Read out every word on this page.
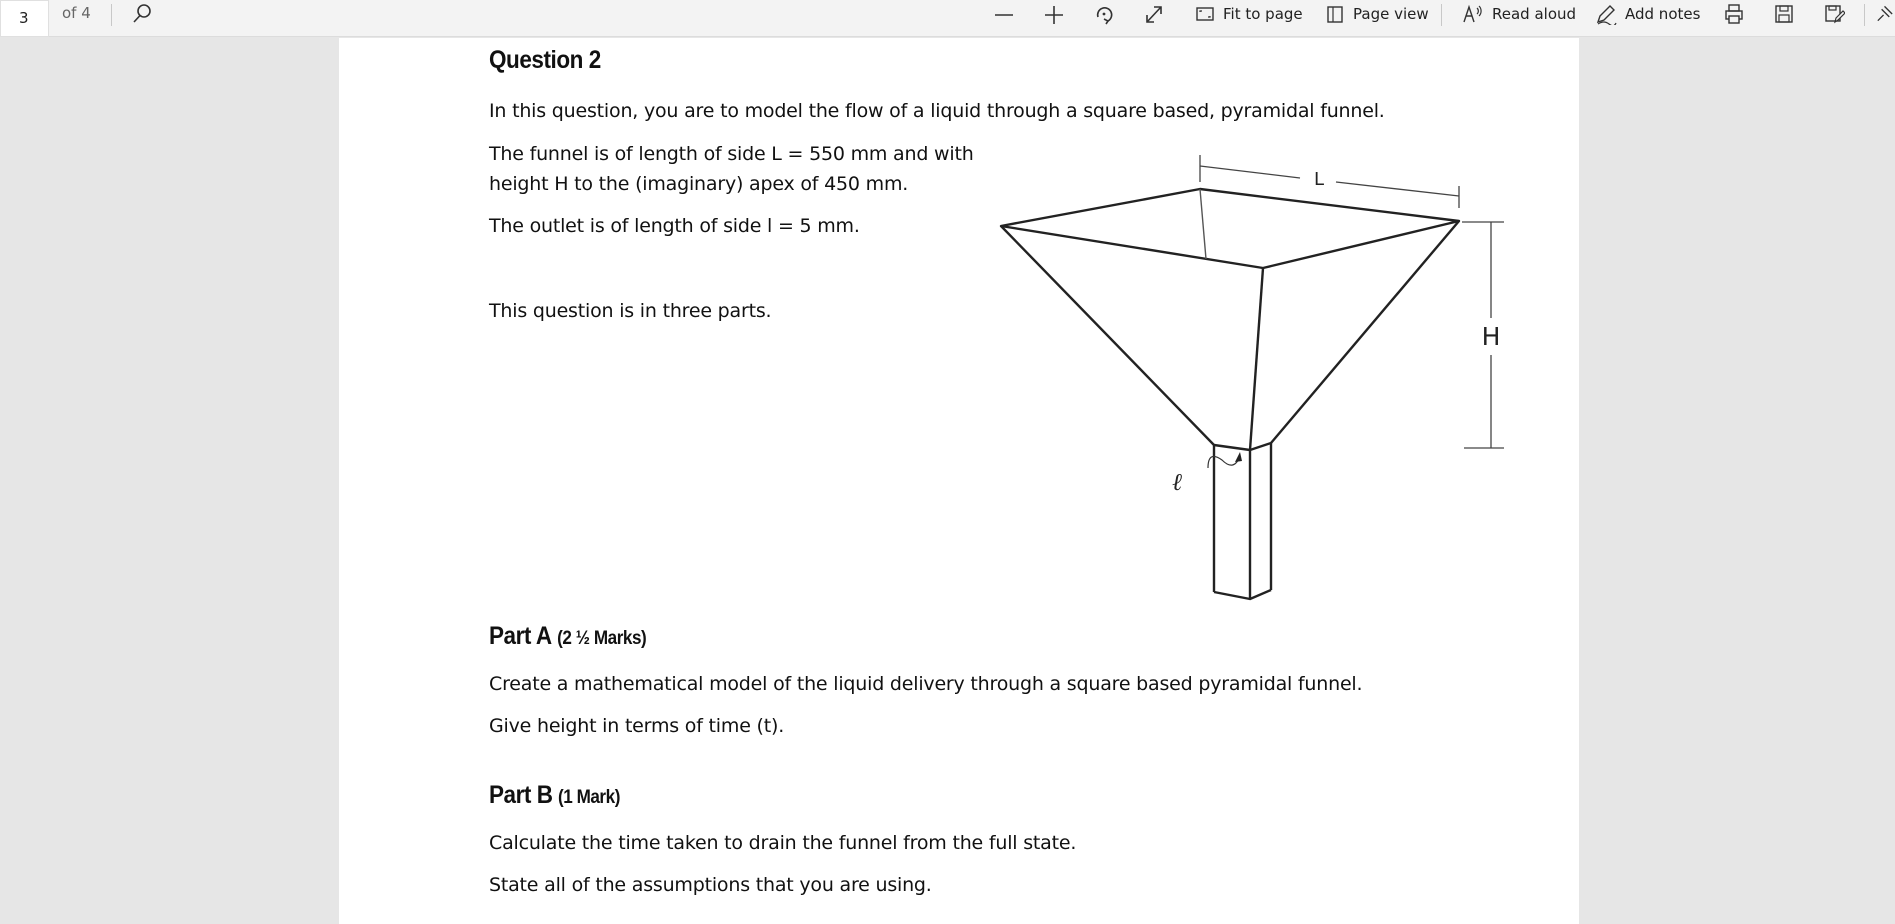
3	of 4	Fit to page	Page view	Read aloud	Add notes
Question 2
In this question, you are to model the flow of a liquid through a square based, pyramidal funnel.
The funnel is of length of side L = 550 mm and with
height H to the (imaginary) apex of 450 mm.
The outlet is of length of side l = 5 mm.
This question is in three parts.
Part A (2 ½ Marks)
Create a mathematical model of the liquid delivery through a square based pyramidal funnel.
Give height in terms of time (t).
Part B (1 Mark)
Calculate the time taken to drain the funnel from the full state.
State all of the assumptions that you are using.
L
H
ℓ
